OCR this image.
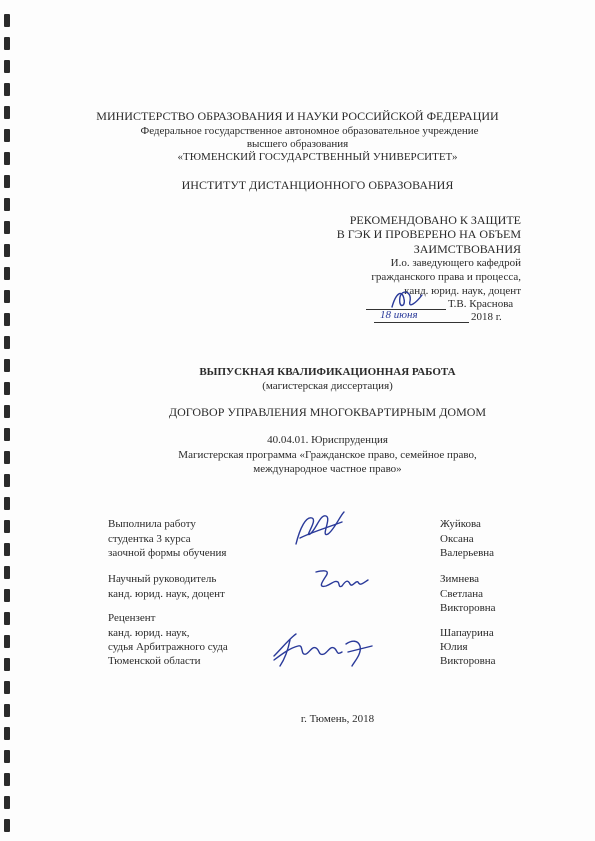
МИНИСТЕРСТВО ОБРАЗОВАНИЯ И НАУКИ РОССИЙСКОЙ ФЕДЕРАЦИИ
Федеральное государственное автономное образовательное учреждение
высшего образования
«ТЮМЕНСКИЙ ГОСУДАРСТВЕННЫЙ УНИВЕРСИТЕТ»
ИНСТИТУТ ДИСТАНЦИОННОГО ОБРАЗОВАНИЯ
РЕКОМЕНДОВАНО К ЗАЩИТЕ
В ГЭК И ПРОВЕРЕНО НА ОБЪЕМ
ЗАИМСТВОВАНИЯ
И.о. заведующего кафедрой
гражданского права и процесса,
канд. юрид. наук, доцент
Т.В. Краснова
18 июня	2018 г.
ВЫПУСКНАЯ КВАЛИФИКАЦИОННАЯ РАБОТА
(магистерская диссертация)
ДОГОВОР УПРАВЛЕНИЯ МНОГОКВАРТИРНЫМ ДОМОМ
40.04.01. Юриспруденция
Магистерская программа «Гражданское право, семейное право,
международное частное право»
Выполнила работу
студентка 3 курса
заочной формы обучения
Жуйкова
Оксана
Валерьевна
Научный руководитель
канд. юрид. наук, доцент
Зимнева
Светлана
Викторовна
Рецензент
канд. юрид. наук,
судья Арбитражного суда
Тюменской области
Шапаурина
Юлия
Викторовна
г. Тюмень, 2018
